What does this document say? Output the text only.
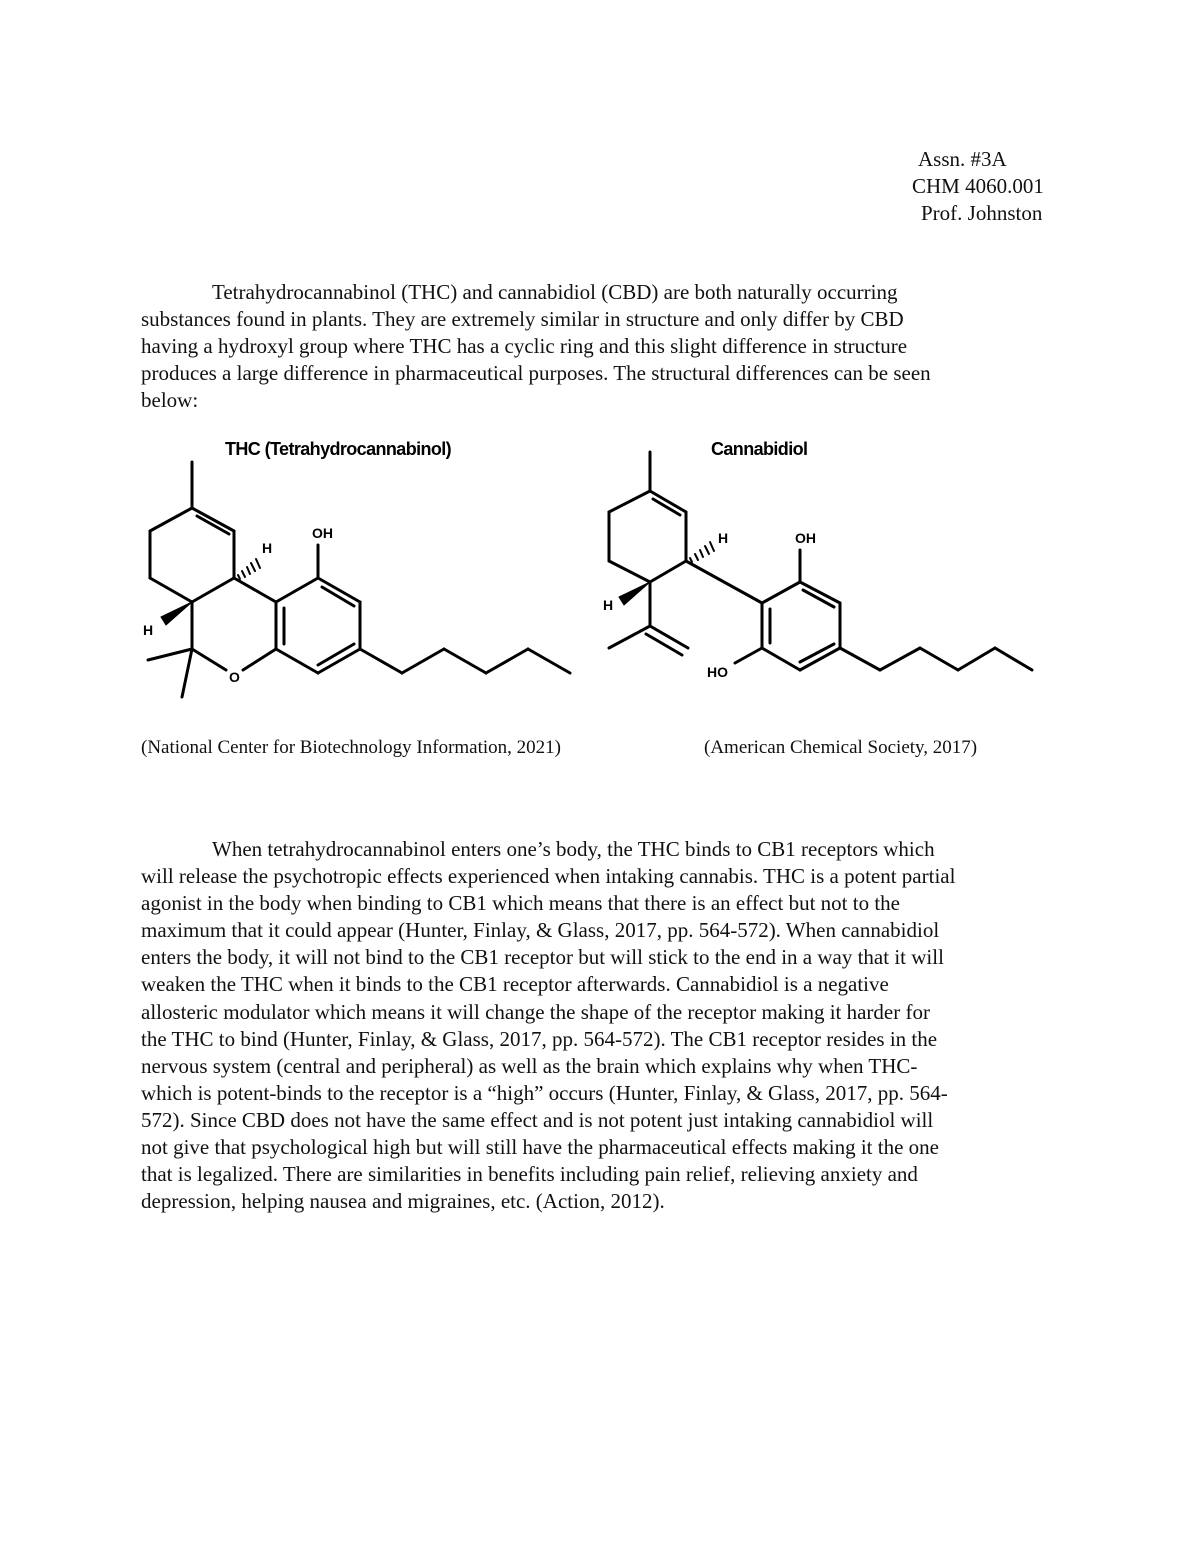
Assn. #3A
CHM 4060.001
Prof. Johnston

Tetrahydrocannabinol (THC) and cannabidiol (CBD) are both naturally occurring
substances found in plants. They are extremely similar in structure and only differ by CBD
having a hydroxyl group where THC has a cyclic ring and this slight difference in structure
produces a large difference in pharmaceutical purposes. The structural differences can be seen
below:

THC (Tetrahydrocannabinol)
OH
H
H
O
Cannabidiol
OH
HO
H
H
(National Center for Biotechnology Information, 2021)	(American Chemical Society, 2017)

When tetrahydrocannabinol enters one’s body, the THC binds to CB1 receptors which
will release the psychotropic effects experienced when intaking cannabis. THC is a potent partial
agonist in the body when binding to CB1 which means that there is an effect but not to the
maximum that it could appear (Hunter, Finlay, & Glass, 2017, pp. 564-572). When cannabidiol
enters the body, it will not bind to the CB1 receptor but will stick to the end in a way that it will
weaken the THC when it binds to the CB1 receptor afterwards. Cannabidiol is a negative
allosteric modulator which means it will change the shape of the receptor making it harder for
the THC to bind (Hunter, Finlay, & Glass, 2017, pp. 564-572). The CB1 receptor resides in the
nervous system (central and peripheral) as well as the brain which explains why when THC-
which is potent-binds to the receptor is a “high” occurs (Hunter, Finlay, & Glass, 2017, pp. 564-
572). Since CBD does not have the same effect and is not potent just intaking cannabidiol will
not give that psychological high but will still have the pharmaceutical effects making it the one
that is legalized. There are similarities in benefits including pain relief, relieving anxiety and
depression, helping nausea and migraines, etc. (Action, 2012).
